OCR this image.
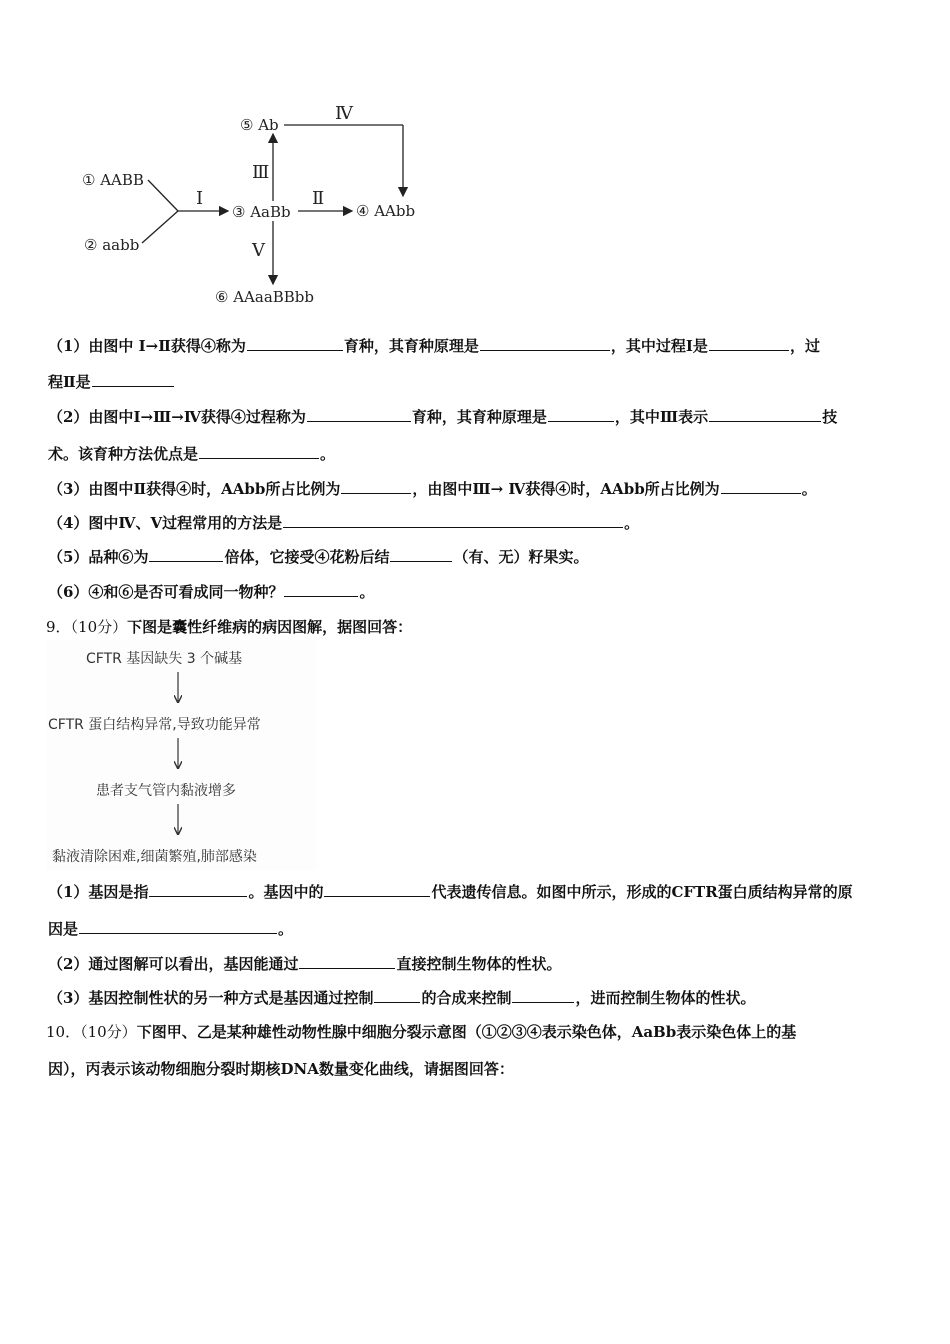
⑤ Ab
① AABB
② aabb
③ AaBb	④ AAbb
⑥ AAaaBBbb
Ⅰ	Ⅱ
Ⅲ
Ⅳ
Ⅴ
（1）由图中 Ⅰ→Ⅱ获得④称为	育种，其育种原理是	，其中过程Ⅰ是	，过
程Ⅱ是
（2）由图中Ⅰ→Ⅲ→Ⅳ获得④过程称为	育种，其育种原理是	，其中Ⅲ表示	技
术。该育种方法优点是	。
（3）由图中Ⅱ获得④时，AAbb所占比例为	，由图中Ⅲ→ Ⅳ获得④时，AAbb所占比例为	。
（4）图中Ⅳ、Ⅴ过程常用的方法是	。
（5）品种⑥为	倍体，它接受④花粉后结	（有、无）籽果实。
（6）④和⑥是否可看成同一物种？	。
9．（10分）下图是囊性纤维病的病因图解，据图回答：
CFTR 基因缺失 3 个碱基
CFTR 蛋白结构异常,导致功能异常
患者支气管内黏液增多
黏液清除困难,细菌繁殖,肺部感染
（1）基因是指	。基因中的	代表遗传信息。如图中所示，形成的CFTR蛋白质结构异常的原
因是	。
（2）通过图解可以看出，基因能通过	直接控制生物体的性状。
（3）基因控制性状的另一种方式是基因通过控制	的合成来控制	，进而控制生物体的性状。
10．（10分）下图甲、乙是某种雄性动物性腺中细胞分裂示意图（①②③④表示染色体，AaBb表示染色体上的基
因），丙表示该动物细胞分裂时期核DNA数量变化曲线，请据图回答：
